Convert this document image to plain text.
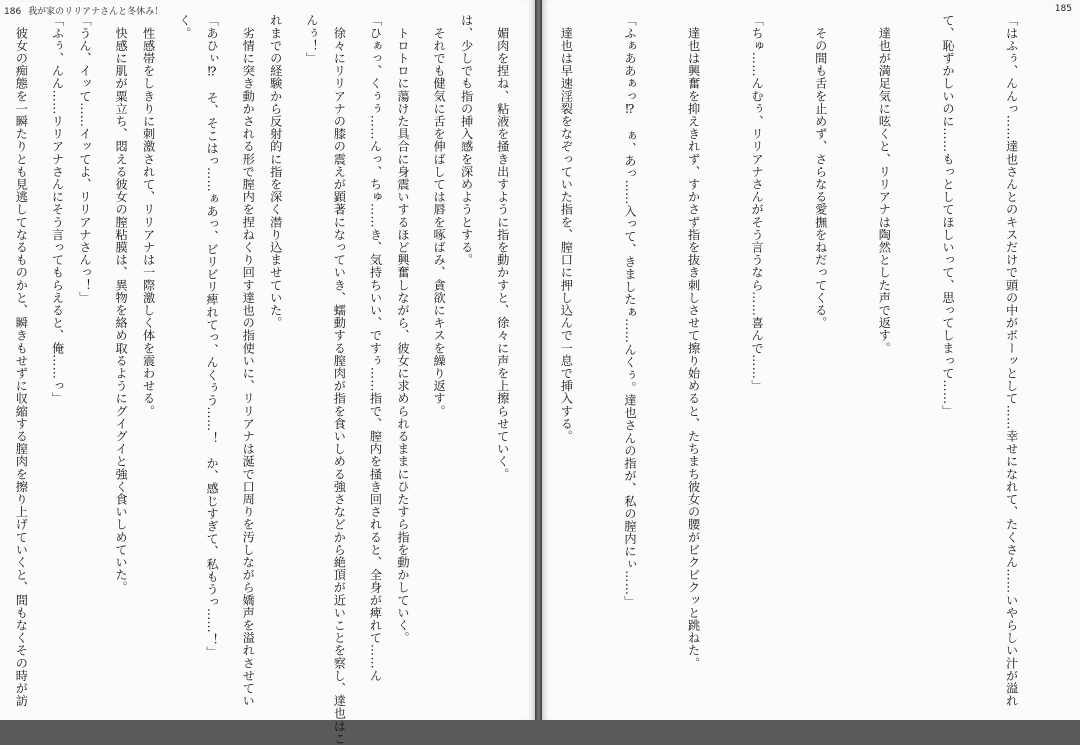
186 我が家のリリアナさんと冬休み！

は、少しでも指の挿入感を深めようとする。

　トロトロに蕩けた具合に身震いするほど興奮しながら、彼女に求められるままにひたすら指を動かしていく。

　徐々にリリアナの膝の震えが顕著になっていき、蠕動する膣肉が指を食いしめる強さなどから絶頂が近いことを察し、達也はこ

れまでの経験から反射的に指を深く潜り込ませていた。

「あひぃ⁉　そ、そこはっ……ぁあっ、ビリビリ痺れてっ、んくぅう……！　か、感じすぎて、私もうっ……！」

　性感帯をしきりに刺激されて、リリアナは一際激しく体を震わせる。

「うん、イッて……イッてよ、リリアナさんっ！」

　彼女の痴態を一瞬たりとも見逃してなるものかと、瞬きもせずに収縮する膣肉を擦り上げていくと、間もなくその時が訪

185

「はふぅ、んんっ……達也さんとのキスだけで頭の中がボーッとして……幸せになれて、たくさん……いやらしい汁が溢れ

て、恥ずかしいのに……もっとしてほしいって、思ってしまって……」

　達也が満足気に呟くと、リリアナは陶然とした声で返す。

　その間も舌を止めず、さらなる愛撫をねだってくる。

「ちゅ……んむぅ、リリアナさんがそう言うなら……喜んで……」

　達也は興奮を抑えきれず、すかさず指を抜き刺しさせて擦り始めると、たちまち彼女の腰がビクビクッと跳ねた。

「ふぁああぁっ⁉　ぁ、あっ……入って、きましたぁ……んくぅ。達也さんの指が、私の膣内にぃ……」

　達也は早速淫裂をなぞっていた指を、膣口に押し込んで一息で挿入する。

　媚肉を捏ね、粘液を掻き出すように指を動かすと、徐々に声を上擦らせていく。

　それでも健気に舌を伸ばしては唇を啄ばみ、貪欲にキスを繰り返す。

「ひぁっ、くぅぅ……んっ、ちゅ……き、気持ちいい、ですぅ……指で、膣内を掻き回されると、全身が痺れて……ん

んぅ！」

　劣情に突き動かされる形で膣内を捏ねくり回す達也の指使いに、リリアナは涎で口周りを汚しながら嬌声を溢れさせてい

く。

　快感に肌が粟立ち、悶える彼女の膣粘膜は、異物を絡め取るようにグイグイと強く食いしめていた。

「ふぅ、んん……リリアナさんにそう言ってもらえると、俺……っ」
